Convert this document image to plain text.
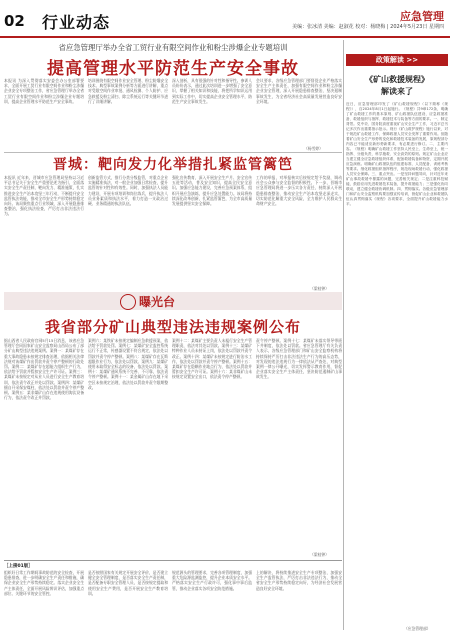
02 行业动态	应急管理
美编：张冰清 美编：赵淑花 校对：杨晓梅 | 2024年5月23日 星期四
省应急管理厅举办全省工贸行业有限空间作业和粉尘涉爆企业专题培训
提高管理水平防范生产安全事故
本报讯 为深入贯彻落实安委会办公室部署要求，全面开展工贸行业有限空间作业和粉尘涉爆企业安全专项整治工作，省应急管理厅举办全省工贸行业有限空间作业和粉尘涉爆企业专题培训，提高企业管理水平防范生产安全事故。
培训围绕有限空间作业安全管理、粉尘防爆安全技术、典型事故案例分析等方面进行讲解，重点对受限空间作业审批、通风检测、个人防护、应急救援及粉尘清扫、除尘系统运行等关键环节进行了详细讲解。
深入剖析，具有很强的针对性和指导性。参训人员纷纷表示，通过此次培训进一步增强了安全意识，掌握了相关知识和技能，将把所学知识运用到实际工作中，切实提高企业安全管理水平，防范生产安全事故发生。
会议要求，各级应急管理部门要督促企业严格落实安全生产主体责任，加强有限空间作业和粉尘涉爆企业安全管理，深入开展隐患排查整治，坚决遏制事故发生，为全省经济社会高质量发展营造良好安全环境。
（杨雪婷）
晋城：靶向发力化举措扎紧监管篱笆
本报讯 近年来，晋城市应急管理局坚持以习近平总书记关于安全生产重要论述为指引，全面落实安全生产责任制，靶向发力、精准施策，扎实推进安全生产治本攻坚三年行动，不断提升安全监管执法效能，推动全市安全生产形势持续稳定向好。该局聚焦重点行业领域，深入开展隐患排查整治，强化执法检查，严厉打击非法违法行为。
创新监管方式，推行分类分级监管，对重点企业实施精准执法，对一般企业加强日常检查，提升监管的针对性和有效性。同时，加强执法人员能力建设，开展专项培训和岗位练兵，提升执法人员业务素质和执法水平，着力打造一支政治过硬、业务精通的执法队伍。
强化宣传教育，深入开展安全生产月、安全宣传五进等活动，普及安全知识，提高全民安全意识。加强应急能力建设，完善应急预案体系，组织开展应急演练，提升应急处置能力。该局将持续深化改革创新，扎紧监管篱笆，为全市高质量发展提供坚实安全保障。
工作的举报，对举报核实后按规定给予奖励，调动社会公众参与安全监督的积极性。下一步，晋城市应急管理局将进一步压实各方责任，持续深入开展隐患排查整治，推动安全生产治本攻坚走深走实，切实防范化解重大安全风险，全力维护人民群众生命财产安全。
（梁桂钟）
曝光台
我省部分矿山典型违法违规案例公布
据山西省人民政府官网5月15日消息，该省应急管理厅会同国家矿山安全监察局山西局公布了部分矿山典型违法违规案例。案例一：某煤矿存在重大事故隐患未按规定排查治理，依据相关法律法规对该煤矿作出罚款并责令停产整顿的行政处罚。案例二：某煤矿存在超能力组织生产行为，依法给予罚款并暂扣安全生产许可证。案例三：某煤矿未按规定对从业人员进行安全生产教育培训，依法责令改正并处以罚款。案例四：某煤矿擅自开采保安煤柱，依法处以罚款并责令停产整顿。案例五：某非煤矿山存在违规使用淘汰设备行为，依法责令改正并罚款。
案例六：某铁矿未按规定编制应急救援预案，依法给予罚款处罚。案例七：某煤矿安全监控系统运行不正常，传感器设置不符合规定，依法处以罚款并责令停产整顿。案例八：某煤矿存在瓦斯超限作业行为，依法处以罚款。案例九：某煤矿使用未取得安全标志的设备，依法处以罚款。案例十：某煤矿通风系统不完善、不可靠，依法责令停产整顿。案例十一：某金属矿山存在地下采空区未按规定治理，依法处以罚款并责令限期整改。
案例十二：某煤矿主要负责人未履行安全生产管理职责，依法对其处以罚款。案例十三：某煤矿特种作业人员未持证上岗，依法处以罚款并责令改正。案例十四：某煤矿未按规定进行防治水工作，依法处以罚款并责令停产整顿。案例十五：某煤矿存在隐瞒作业地点行为，依法处以罚款并暂扣安全生产许可证。案例十六：某非煤矿山未按规定设置安全出口，依法责令停产整顿。
责令停产整顿。案例十七：某煤矿未落实领导带班下井制度，依法处以罚款。省应急管理厅有关负责人表示，各级应急管理部门和矿山安全监察机构将持续保持严厉打击非法违法生产行为的高压态势，对发现的违法违规行为一律依法从严查处，对典型案例一律公开曝光，切实发挥警示教育作用，督促企业落实安全生产主体责任，坚决防范遏制矿山事故发生。
（梁桂钟）
［上接01版］
组织好日常工作期间事故防范的安全检查，开展隐患排查，进一步明确安全生产责任和措施，确保企业安全生产形势持续稳定。落实企业安全生产主体责任，全面开展风险辨识评估，加强重点部位、关键环节的安全管控。
是否按照国家有关规定开展安全评价，是否建立健全安全管理制度，是否落实安全生产责任制，是否配备专职安全管理人员，是否按规定提取和使用安全生产费用，是否开展安全生产教育培训。
规范源头的管理要求，完善各项管理制度，加强重大危险源监测监控，提升企业本质安全水平。严格落实安全生产行政许可，强化事中事后监管，推动企业落实各项安全防范措施。
上的解决，将持续推进安全生产专项整治，加强安全生产监管执法，严厉打击非法违法行为，推动全省安全生产形势持续稳定向好，为经济社会发展营造良好安全环境。
政策解读 >>
《矿山救援规程》
解读来了
近日，应急管理部印发了《矿山救援规程》（以下简称《规程》），自2024年8月1日起施行。《规程》共9章172条，明确了矿山救援工作的基本原则、矿山救援队伍建设、应急救援准备、救援组织与指挥、救援技术与装备等方面的要求。一、制定背景。党中央、国务院高度重视矿山安全生产工作，习近平总书记多次作出重要指示批示。现行《矿山救护规程》施行以来，对于规范矿山救援工作、保障救援人员安全发挥了重要作用。但随着矿山安全生产形势的变化和救援技术装备的发展，原规程部分内容已不能适应新形势新要求，有必要进行修订。二、主要内容。《规程》明确矿山救援工作坚持人民至上、生命至上，统一指挥、分级负责，科学施救、安全高效的原则。规定矿山企业应当建立健全应急救援组织体系，配备救援装备和物资，定期开展应急演练。明确矿山救援队伍的组建标准、人员配备、训练考核等要求。细化救援组织指挥程序，规范现场救援行动，强化救援人员安全保障。三、重点突出。一是坚持问题导向，针对近年来矿山事故救援中暴露的问题，完善相关规定；二是注重科技赋能，鼓励应用先进救援技术装备，提升救援能力；三是强化协同联动，建立健全救援协调机制。四、贯彻落实。各级应急管理部门和矿山安全监察机构要加强宣传培训，督促矿山企业和救援队伍认真贯彻落实《规程》各项要求，全面提升矿山救援能力水平。
（应急管理部）
